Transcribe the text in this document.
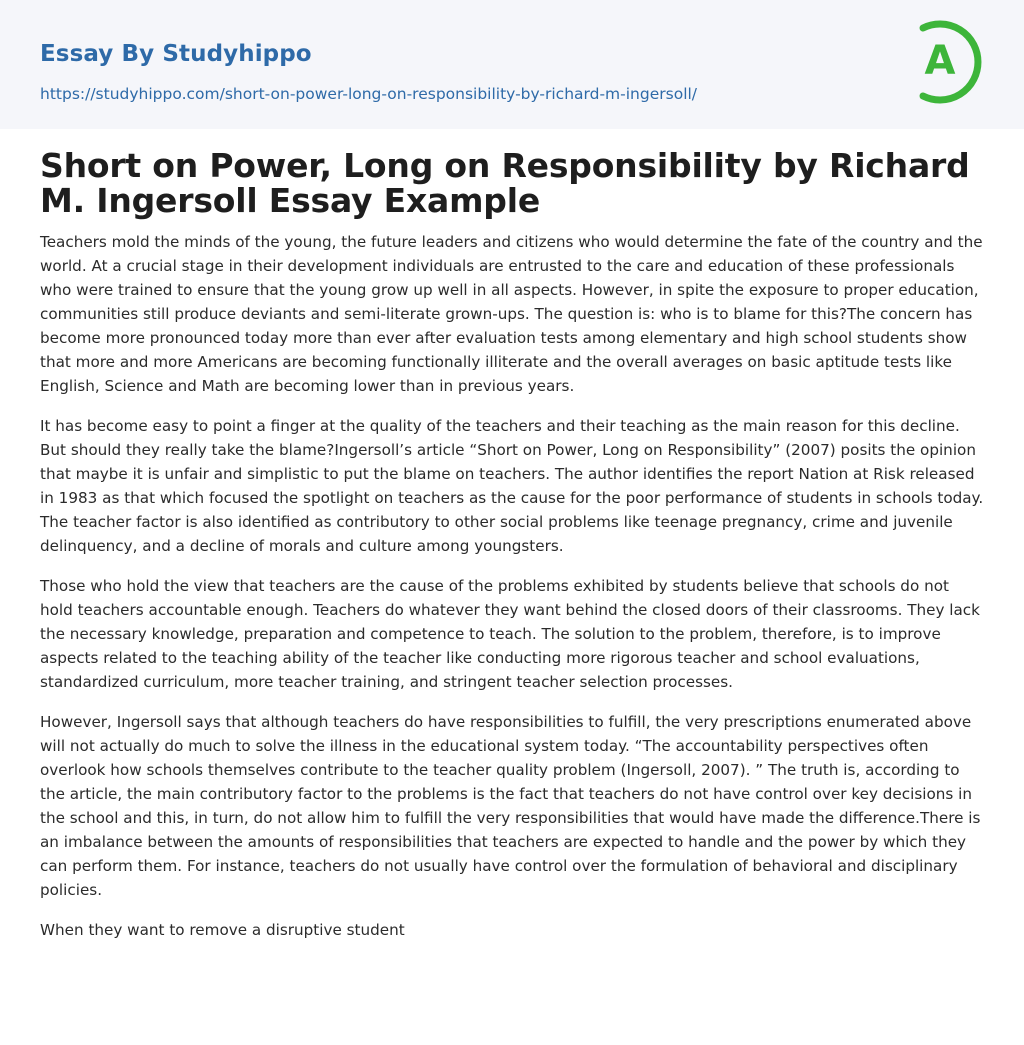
Essay By Studyhippo
https://studyhippo.com/short-on-power-long-on-responsibility-by-richard-m-ingersoll/
A
Short on Power, Long on Responsibility by Richard M. Ingersoll Essay Example

Teachers mold the minds of the young, the future leaders and citizens who would determine the fate of the country and the world. At a crucial stage in their development individuals are entrusted to the care and education of these professionals who were trained to ensure that the young grow up well in all aspects. However, in spite the exposure to proper education, communities still produce deviants and semi-literate grown-ups. The question is: who is to blame for this?The concern has become more pronounced today more than ever after evaluation tests among elementary and high school students show that more and more Americans are becoming functionally illiterate and the overall averages on basic aptitude tests like English, Science and Math are becoming lower than in previous years.

It has become easy to point a finger at the quality of the teachers and their teaching as the main reason for this decline. But should they really take the blame?Ingersoll’s article “Short on Power, Long on Responsibility” (2007) posits the opinion that maybe it is unfair and simplistic to put the blame on teachers. The author identifies the report Nation at Risk released in 1983 as that which focused the spotlight on teachers as the cause for the poor performance of students in schools today. The teacher factor is also identified as contributory to other social problems like teenage pregnancy, crime and juvenile delinquency, and a decline of morals and culture among youngsters.

Those who hold the view that teachers are the cause of the problems exhibited by students believe that schools do not hold teachers accountable enough. Teachers do whatever they want behind the closed doors of their classrooms. They lack the necessary knowledge, preparation and competence to teach. The solution to the problem, therefore, is to improve aspects related to the teaching ability of the teacher like conducting more rigorous teacher and school evaluations, standardized curriculum, more teacher training, and stringent teacher selection processes.

However, Ingersoll says that although teachers do have responsibilities to fulfill, the very prescriptions enumerated above will not actually do much to solve the illness in the educational system today. “The accountability perspectives often overlook how schools themselves contribute to the teacher quality problem (Ingersoll, 2007). ” The truth is, according to the article, the main contributory factor to the problems is the fact that teachers do not have control over key decisions in the school and this, in turn, do not allow him to fulfill the very responsibilities that would have made the difference.There is an imbalance between the amounts of responsibilities that teachers are expected to handle and the power by which they can perform them. For instance, teachers do not usually have control over the formulation of behavioral and disciplinary policies.

When they want to remove a disruptive student
